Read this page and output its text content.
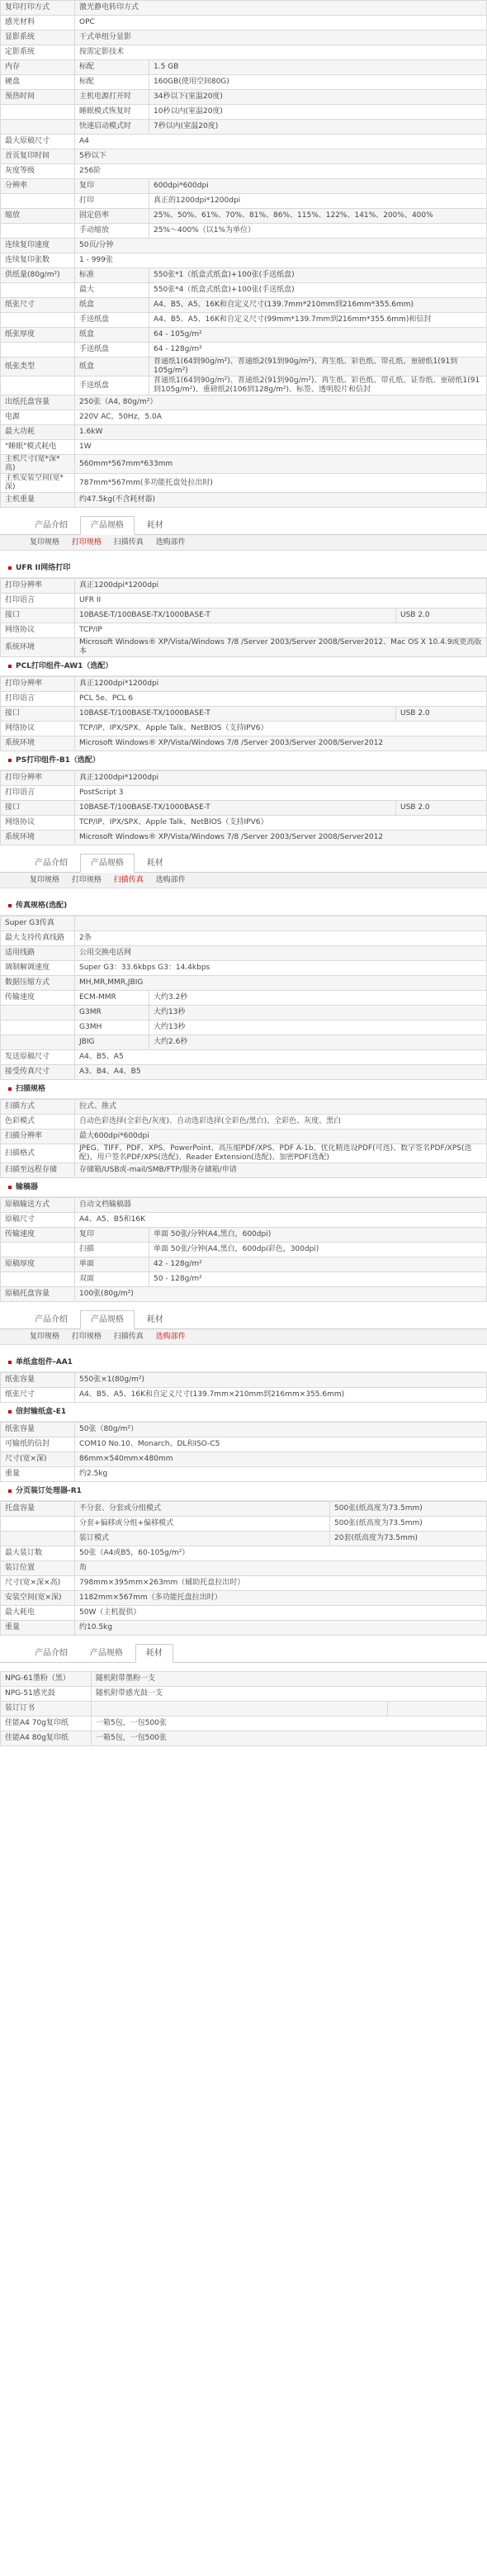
复印打印方式	激光静电转印方式	
感光材料	OPC	
显影系统	干式单组分显影	
定影系统	按需定影技术	
内存	标配	1.5 GB
硬盘	标配	160GB(使用空间80G)
预热时间	主机电源打开时	34秒以下(室温20度)
	睡眠模式恢复时	10秒以内(室温20度)
	快速启动模式时	7秒以内(室温20度)
最大原稿尺寸	A4	
首页复印时间	5秒以下	
灰度等级	256阶	
分辨率	复印	600dpi*600dpi
	打印	真正的1200dpi*1200dpi
缩放	固定倍率	25%、50%、61%、70%、81%、86%、115%、122%、141%、200%、400%
	手动缩放	25%～400%（以1%为单位）
连续复印速度	50页/分钟	
连续复印张数	1 - 999张	
供纸量(80g/m²)	标准	550张*1（纸盒式纸盒)+100张(手送纸盘)
	最大	550张*4（纸盒式纸盒)+100张(手送纸盘)
纸张尺寸	纸盒	A4、B5、A5、16K和自定义尺寸(139.7mm*210mm到216mm*355.6mm)
	手送纸盘	A4、B5、A5、16K和自定义尺寸(99mm*139.7mm到216mm*355.6mm)和信封
纸张厚度	纸盒	64 - 105g/m²
	手送纸盘	64 - 128g/m²
纸张类型	纸盒	普通纸1(64到90g/m²)、普通纸2(91到90g/m²)、再生纸、彩色纸、带孔纸、重磅纸1(91到105g/m²)
	手送纸盘	普通纸1(64到90g/m²)、普通纸2(91到90g/m²)、再生纸、彩色纸、带孔纸、证券纸、重磅纸1(91到105g/m²)、重磅纸2(106到128g/m²)、标签、透明胶片和信封
出纸托盘容量	250张（A4, 80g/m²）	
电源	220V AC，50Hz，5.0A	
最大功耗	1.6kW	
"睡眠"模式耗电	1W	
主机尺寸(宽*深*高)	560mm*567mm*633mm	
主机安装空间(宽*深)	787mm*567mm(多功能托盘处拉出时)	
主机重量	约47.5kg(不含耗材器)	
产品介绍	产品规格	耗材
复印规格 打印规格 扫描传真 选购部件
UFR II网络打印
打印分辨率	真正1200dpi*1200dpi	
打印语言	UFR II	
接口	10BASE-T/100BASE-TX/1000BASE-T	USB 2.0
网络协议	TCP/IP	
系统环境	Microsoft Windows® XP/Vista/Windows 7/8 /Server 2003/Server 2008/Server2012、Mac OS X 10.4.9或更高版本	
PCL打印组件-AW1（选配）
打印分辨率	真正1200dpi*1200dpi	
打印语言	PCL 5e、PCL 6	
接口	10BASE-T/100BASE-TX/1000BASE-T	USB 2.0
网络协议	TCP/IP、IPX/SPX、Apple Talk、NetBIOS（支持IPV6）	
系统环境	Microsoft Windows® XP/Vista/Windows 7/8 /Server 2003/Server 2008/Server2012	
PS打印组件-B1（选配）
打印分辨率	真正1200dpi*1200dpi	
打印语言	PostScript 3	
接口	10BASE-T/100BASE-TX/1000BASE-T	USB 2.0
网络协议	TCP/IP、IPX/SPX、Apple Talk、NetBIOS（支持IPV6）	
系统环境	Microsoft Windows® XP/Vista/Windows 7/8 /Server 2003/Server 2008/Server2012	
产品介绍	产品规格	耗材
复印规格 打印规格 扫描传真 选购部件
传真规格(选配)
Super G3传真		
最大支持传真线路	2条	
适用线路	公用交换电话网	
调制解调速度	Super G3：33.6kbps G3：14.4kbps	
数据压缩方式	MH,MR,MMR,JBIG	
传输速度	ECM-MMR	大约3.2秒
	G3MR	大约13秒
	G3MH	大约13秒
	JBIG	大约2.6秒
发送原稿尺寸	A4、B5、A5	
接受传真尺寸	A3、B4、A4、B5	
扫描规格
扫描方式	拉式、推式
色彩模式	自动色彩选择(全彩色/灰度)、自动选彩选择(全彩色/黑白)、全彩色、灰度、黑白
扫描分辨率	最大600dpi*600dpi
扫描格式	JPEG、TIFF、PDF、XPS、PowerPoint、高压缩PDF/XPS、PDF A-1b、优化精选设PDF(可选)、数字签名PDF/XPS(选配)、用户签名PDF/XPS(选配)、Reader Extension(选配)、加密PDF(选配)
扫描至远程存储	存储箱/USB或-mail/SMB/FTP/服务存储箱/申请
输稿器
原稿输送方式	自动文档输稿器	
原稿尺寸	A4、A5、B5和16K	
传输速度	复印	单面 50张/分钟(A4,黑白，600dpi)
	扫描	单面 50张/分钟(A4,黑白，600dpi彩色，300dpi)
原稿厚度	单面	42 - 128g/m²
	双面	50 - 128g/m²
原稿托盘容量	100张(80g/m²)	
产品介绍	产品规格	耗材
复印规格 打印规格 扫描传真 选购部件
单纸盒组件-AA1
纸张容量	550张×1(80g/m²)
纸张尺寸	A4、B5、A5、16K和自定义尺寸(139.7mm×210mm到216mm×355.6mm)
信封输纸盒-E1
纸张容量	50张（80g/m²）
可输纸的信封	COM10 No.10、Monarch、DL和ISO-C5
尺寸(宽×深)	86mm×540mm×480mm
重量	约2.5kg
分页装订处理器-R1
托盘容量	不分套、分套或分组模式	500张(纸高度为73.5mm)
	分套+偏移或分组+偏移模式	500张(纸高度为73.5mm)
	装订模式	20套(纸高度为73.5mm)
最大装订数	50张（A4或B5，60-105g/m²）	
装订位置	角	
尺寸(宽×深×高)	798mm×395mm×263mm（辅助托盘拉出时）	
安装空间(宽×深)	1182mm×567mm（多功能托盘拉出时）	
最大耗电	50W（主机提供）	
重量	约10.5kg	
产品介绍	产品规格	耗材
NPG-61墨粉（黑）	随机附带墨粉一支	
NPG-51感光鼓	随机附带感光鼓一支	
装订订书		
佳能A4 70g复印纸	一箱5包，一包500张	
佳能A4 80g复印纸	一箱5包，一包500张	
